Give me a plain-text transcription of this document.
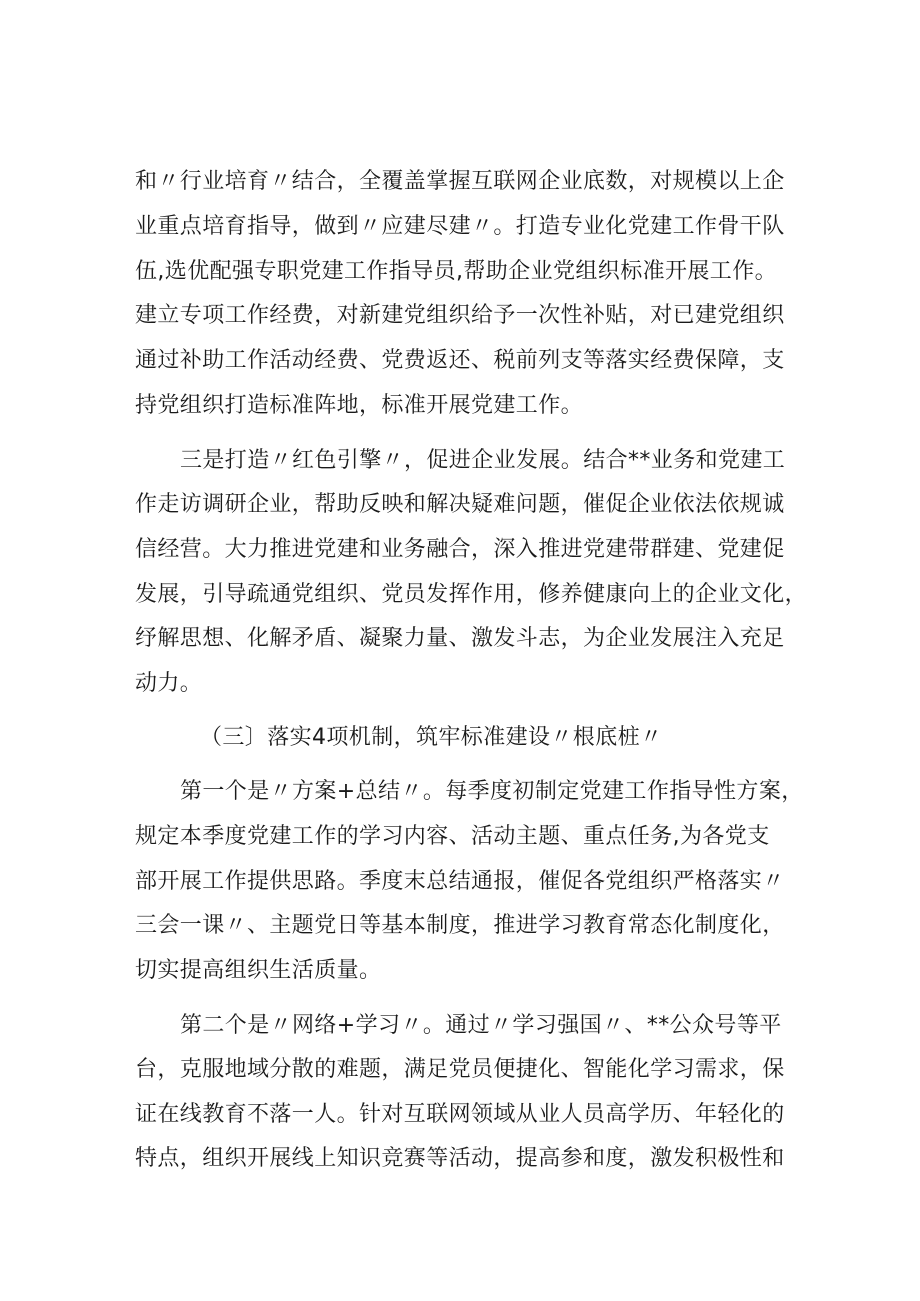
和〃行业培育〃结合，全覆盖掌握互联网企业底数，对规模以上企
业重点培育指导，做到〃应建尽建〃。打造专业化党建工作骨干队
伍,选优配强专职党建工作指导员,帮助企业党组织标准开展工作。
建立专项工作经费，对新建党组织给予一次性补贴，对已建党组织
通过补助工作活动经费、党费返还、税前列支等落实经费保障，支
持党组织打造标准阵地，标准开展党建工作。
三是打造〃红色引擎〃，促进企业发展。结合**业务和党建工
作走访调研企业，帮助反映和解决疑难问题，催促企业依法依规诚
信经营。大力推进党建和业务融合，深入推进党建带群建、党建促
发展，引导疏通党组织、党员发挥作用，修养健康向上的企业文化，
纾解思想、化解矛盾、凝聚力量、激发斗志，为企业发展注入充足
动力。
（三〕落实4项机制，筑牢标准建设〃根底桩〃
第一个是〃方案+总结〃。每季度初制定党建工作指导性方案，
规定本季度党建工作的学习内容、活动主题、重点任务,为各党支
部开展工作提供思路。季度末总结通报，催促各党组织严格落实〃
三会一课〃、主题党日等基本制度，推进学习教育常态化制度化，
切实提高组织生活质量。
第二个是〃网络+学习〃。通过〃学习强国〃、**公众号等平
台，克服地域分散的难题，满足党员便捷化、智能化学习需求，保
证在线教育不落一人。针对互联网领域从业人员高学历、年轻化的
特点，组织开展线上知识竞赛等活动，提高参和度，激发积极性和
